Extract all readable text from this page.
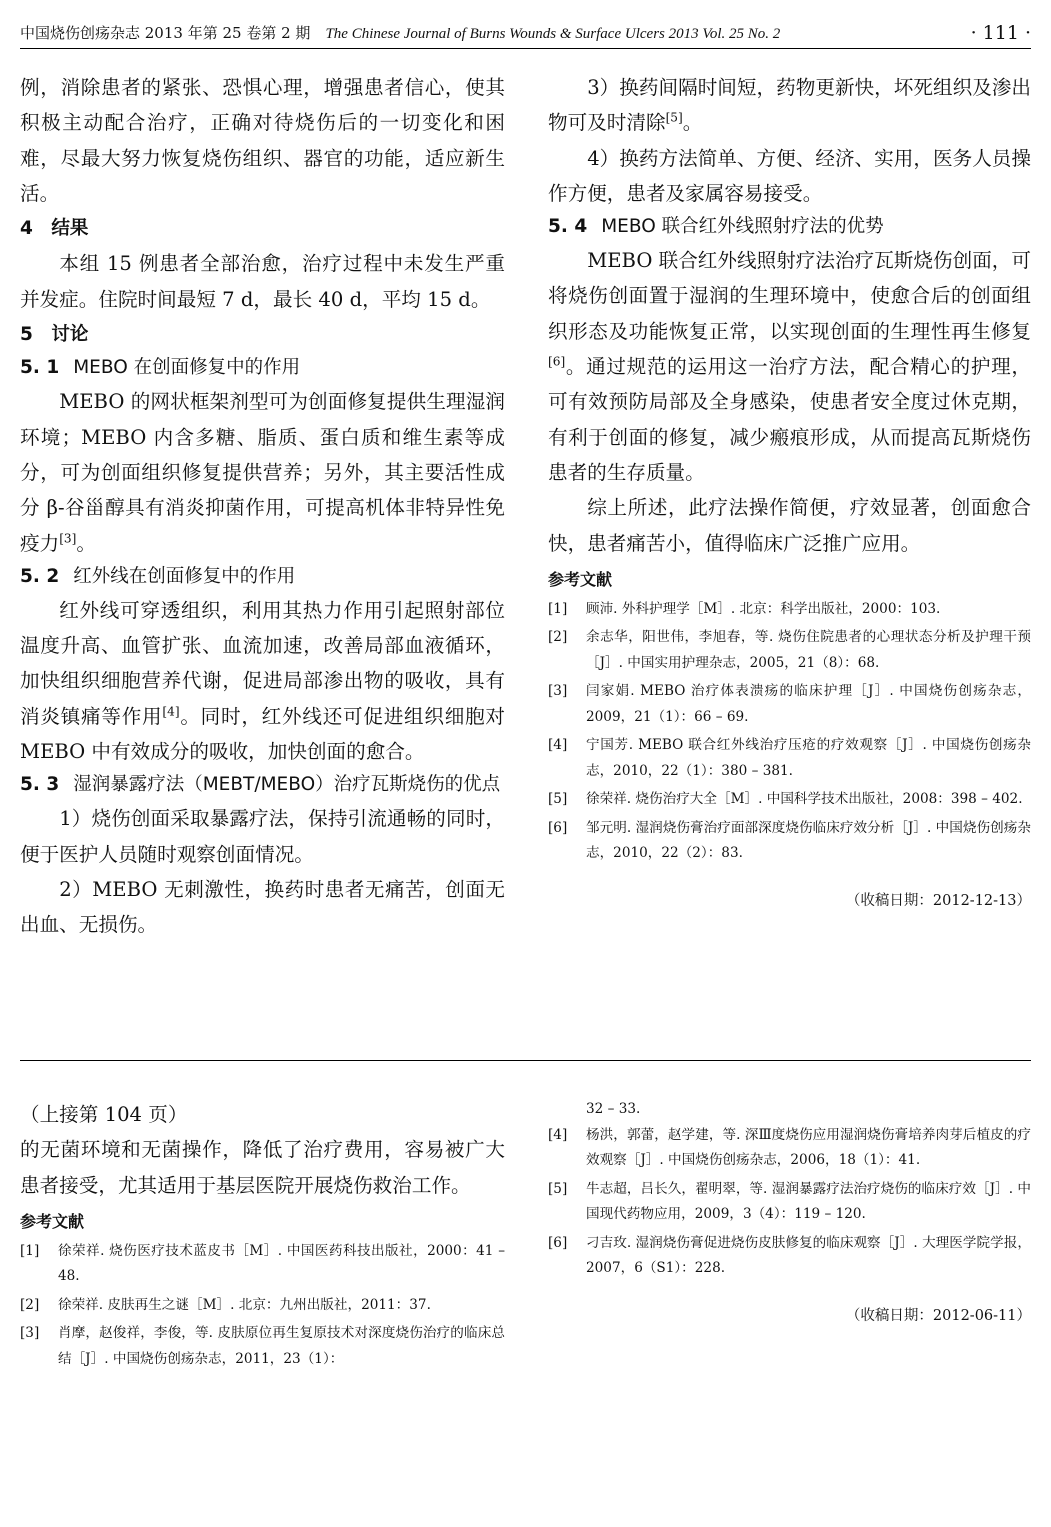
中国烧伤创疡杂志 2013 年第 25 卷第 2 期　 The Chinese Journal of Burns Wounds & Surface Ulcers 2013 Vol. 25 No. 2	· 111 ·

例，消除患者的紧张、恐惧心理，增强患者信心，使其积极主动配合治疗，正确对待烧伤后的一切变化和困难，尽最大努力恢复烧伤组织、器官的功能，适应新生活。

4　结果

本组 15 例患者全部治愈，治疗过程中未发生严重并发症。住院时间最短 7 d，最长 40 d，平均 15 d。

5　讨论
5. 1 MEBO 在创面修复中的作用

MEBO 的网状框架剂型可为创面修复提供生理湿润环境；MEBO 内含多糖、脂质、蛋白质和维生素等成分，可为创面组织修复提供营养；另外，其主要活性成分 β-谷甾醇具有消炎抑菌作用，可提高机体非特异性免疫力[3]。

5. 2 红外线在创面修复中的作用

红外线可穿透组织，利用其热力作用引起照射部位温度升高、血管扩张、血流加速，改善局部血液循环，加快组织细胞营养代谢，促进局部渗出物的吸收，具有消炎镇痛等作用[4]。同时，红外线还可促进组织细胞对 MEBO 中有效成分的吸收，加快创面的愈合。

5. 3 湿润暴露疗法（MEBT/MEBO）治疗瓦斯烧伤的优点

1）烧伤创面采取暴露疗法，保持引流通畅的同时，便于医护人员随时观察创面情况。

2）MEBO 无刺激性，换药时患者无痛苦，创面无出血、无损伤。

3）换药间隔时间短，药物更新快，坏死组织及渗出物可及时清除[5]。

4）换药方法简单、方便、经济、实用，医务人员操作方便，患者及家属容易接受。

5. 4 MEBO 联合红外线照射疗法的优势

MEBO 联合红外线照射疗法治疗瓦斯烧伤创面，可将烧伤创面置于湿润的生理环境中，使愈合后的创面组织形态及功能恢复正常，以实现创面的生理性再生修复[6]。通过规范的运用这一治疗方法，配合精心的护理，可有效预防局部及全身感染，使患者安全度过休克期，有利于创面的修复，减少瘢痕形成，从而提高瓦斯烧伤患者的生存质量。

综上所述，此疗法操作简便，疗效显著，创面愈合快，患者痛苦小，值得临床广泛推广应用。

参考文献
[1] 顾沛. 外科护理学［M］. 北京：科学出版社，2000：103.
[2] 余志华，阳世伟，李旭春，等. 烧伤住院患者的心理状态分析及护理干预［J］. 中国实用护理杂志，2005，21（8）：68.
[3] 闫家娟. MEBO 治疗体表溃疡的临床护理［J］. 中国烧伤创疡杂志，2009，21（1）：66 – 69.
[4] 宁国芳. MEBO 联合红外线治疗压疮的疗效观察［J］. 中国烧伤创疡杂志，2010，22（1）：380 – 381.
[5] 徐荣祥. 烧伤治疗大全［M］. 中国科学技术出版社，2008：398 – 402.
[6] 邹元明. 湿润烧伤膏治疗面部深度烧伤临床疗效分析［J］. 中国烧伤创疡杂志，2010，22（2）：83.
（收稿日期：2012-12-13）
（上接第 104 页）

的无菌环境和无菌操作，降低了治疗费用，容易被广大患者接受，尤其适用于基层医院开展烧伤救治工作。

参考文献
[1] 徐荣祥. 烧伤医疗技术蓝皮书［M］. 中国医药科技出版社，2000：41 – 48.
[2] 徐荣祥. 皮肤再生之谜［M］. 北京：九州出版社，2011：37.
[3] 肖摩，赵俊祥，李俊，等. 皮肤原位再生复原技术对深度烧伤治疗的临床总结［J］. 中国烧伤创疡杂志，2011，23（1）：
32 – 33.
[4] 杨洪，郭蕾，赵学建，等. 深Ⅲ度烧伤应用湿润烧伤膏培养肉芽后植皮的疗效观察［J］. 中国烧伤创疡杂志，2006，18（1）：41.
[5] 牛志超，吕长久，翟明翠，等. 湿润暴露疗法治疗烧伤的临床疗效［J］. 中国现代药物应用，2009，3（4）：119 – 120.
[6] 刁吉玫. 湿润烧伤膏促进烧伤皮肤修复的临床观察［J］. 大理医学院学报，2007，6（S1）：228.
（收稿日期：2012-06-11）
